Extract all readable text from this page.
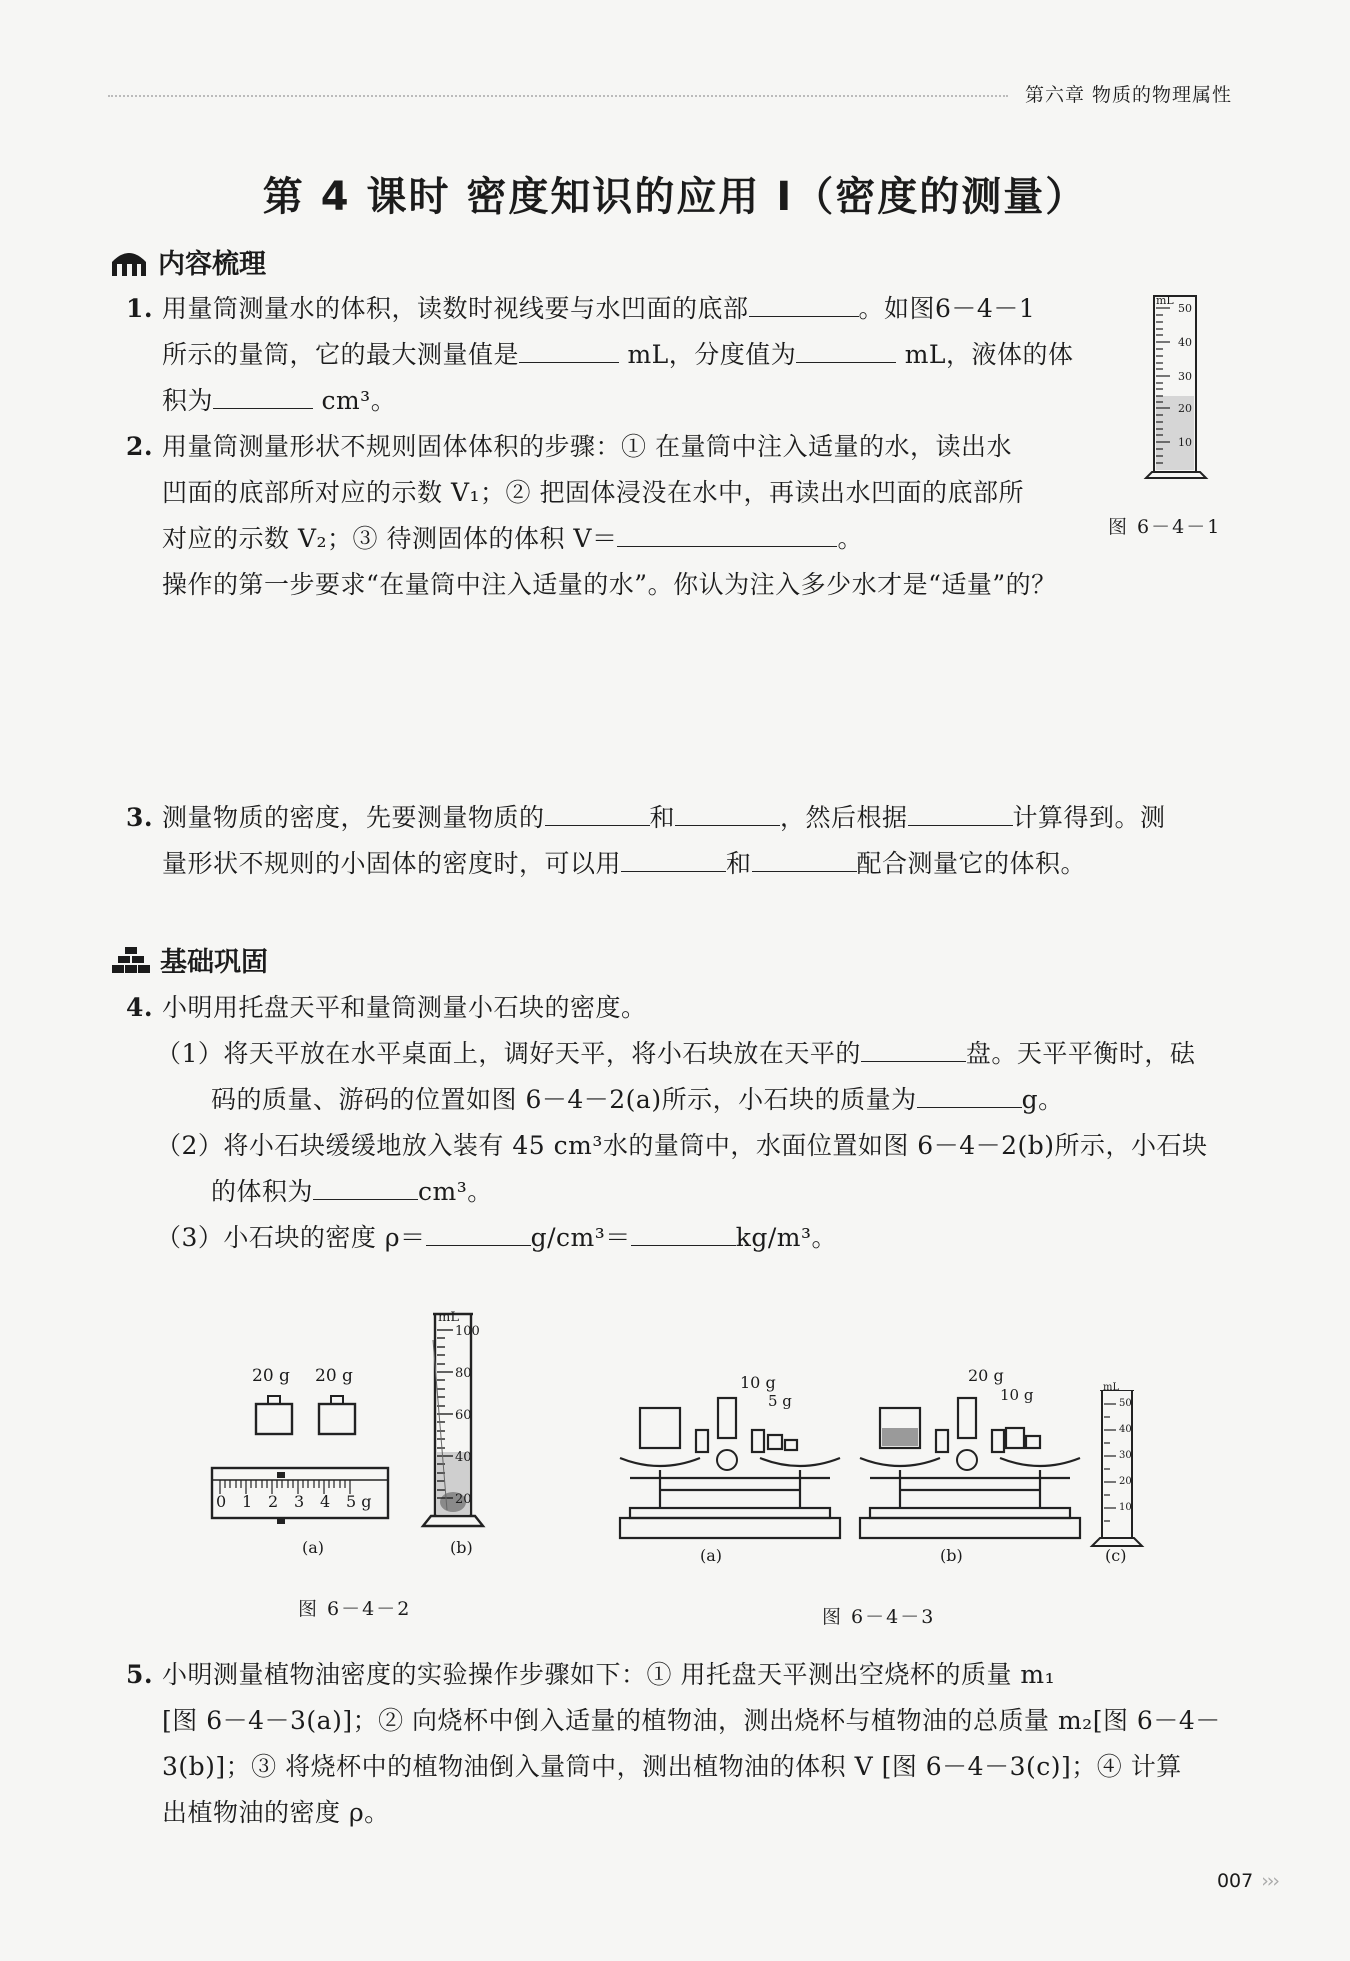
第六章 物质的物理属性
第 4 课时 密度知识的应用 Ⅰ（密度的测量）
内容梳理
1. 用量筒测量水的体积，读数时视线要与水凹面的底部	。如图6－4－1
所示的量筒，它的最大测量值是	mL，分度值为	mL，液体的体
积为	cm³。
mL
50
40
30
20
10
图 6－4－1
2. 用量筒测量形状不规则固体体积的步骤：① 在量筒中注入适量的水，读出水
凹面的底部所对应的示数 V₁；② 把固体浸没在水中，再读出水凹面的底部所
对应的示数 V₂；③ 待测固体的体积 V＝	。
操作的第一步要求“在量筒中注入适量的水”。你认为注入多少水才是“适量”的？
3. 测量物质的密度，先要测量物质的	和	，然后根据	计算得到。测
量形状不规则的小固体的密度时，可以用	和	配合测量它的体积。
基础巩固
4. 小明用托盘天平和量筒测量小石块的密度。
（1）将天平放在水平桌面上，调好天平，将小石块放在天平的	盘。天平平衡时，砝
码的质量、游码的位置如图 6－4－2(a)所示，小石块的质量为	g。
（2）将小石块缓缓地放入装有 45 cm³水的量筒中，水面位置如图 6－4－2(b)所示，小石块
的体积为	cm³。
（3）小石块的密度 ρ＝	g/cm³＝	kg/m³。
20 g 20 g
0 1 2 3 4 5 g
(a)
mL
100
80
60
40
20
(b)
图 6－4－2
10 g
5 g
20 g
10 g	mL
50
40
30
20
10
(a)	(b)	(c)
图 6－4－3
5. 小明测量植物油密度的实验操作步骤如下：① 用托盘天平测出空烧杯的质量 m₁
[图 6－4－3(a)]；② 向烧杯中倒入适量的植物油，测出烧杯与植物油的总质量 m₂[图 6－4－
3(b)]；③ 将烧杯中的植物油倒入量筒中，测出植物油的体积 V [图 6－4－3(c)]；④ 计算
出植物油的密度 ρ。
007 ›››
